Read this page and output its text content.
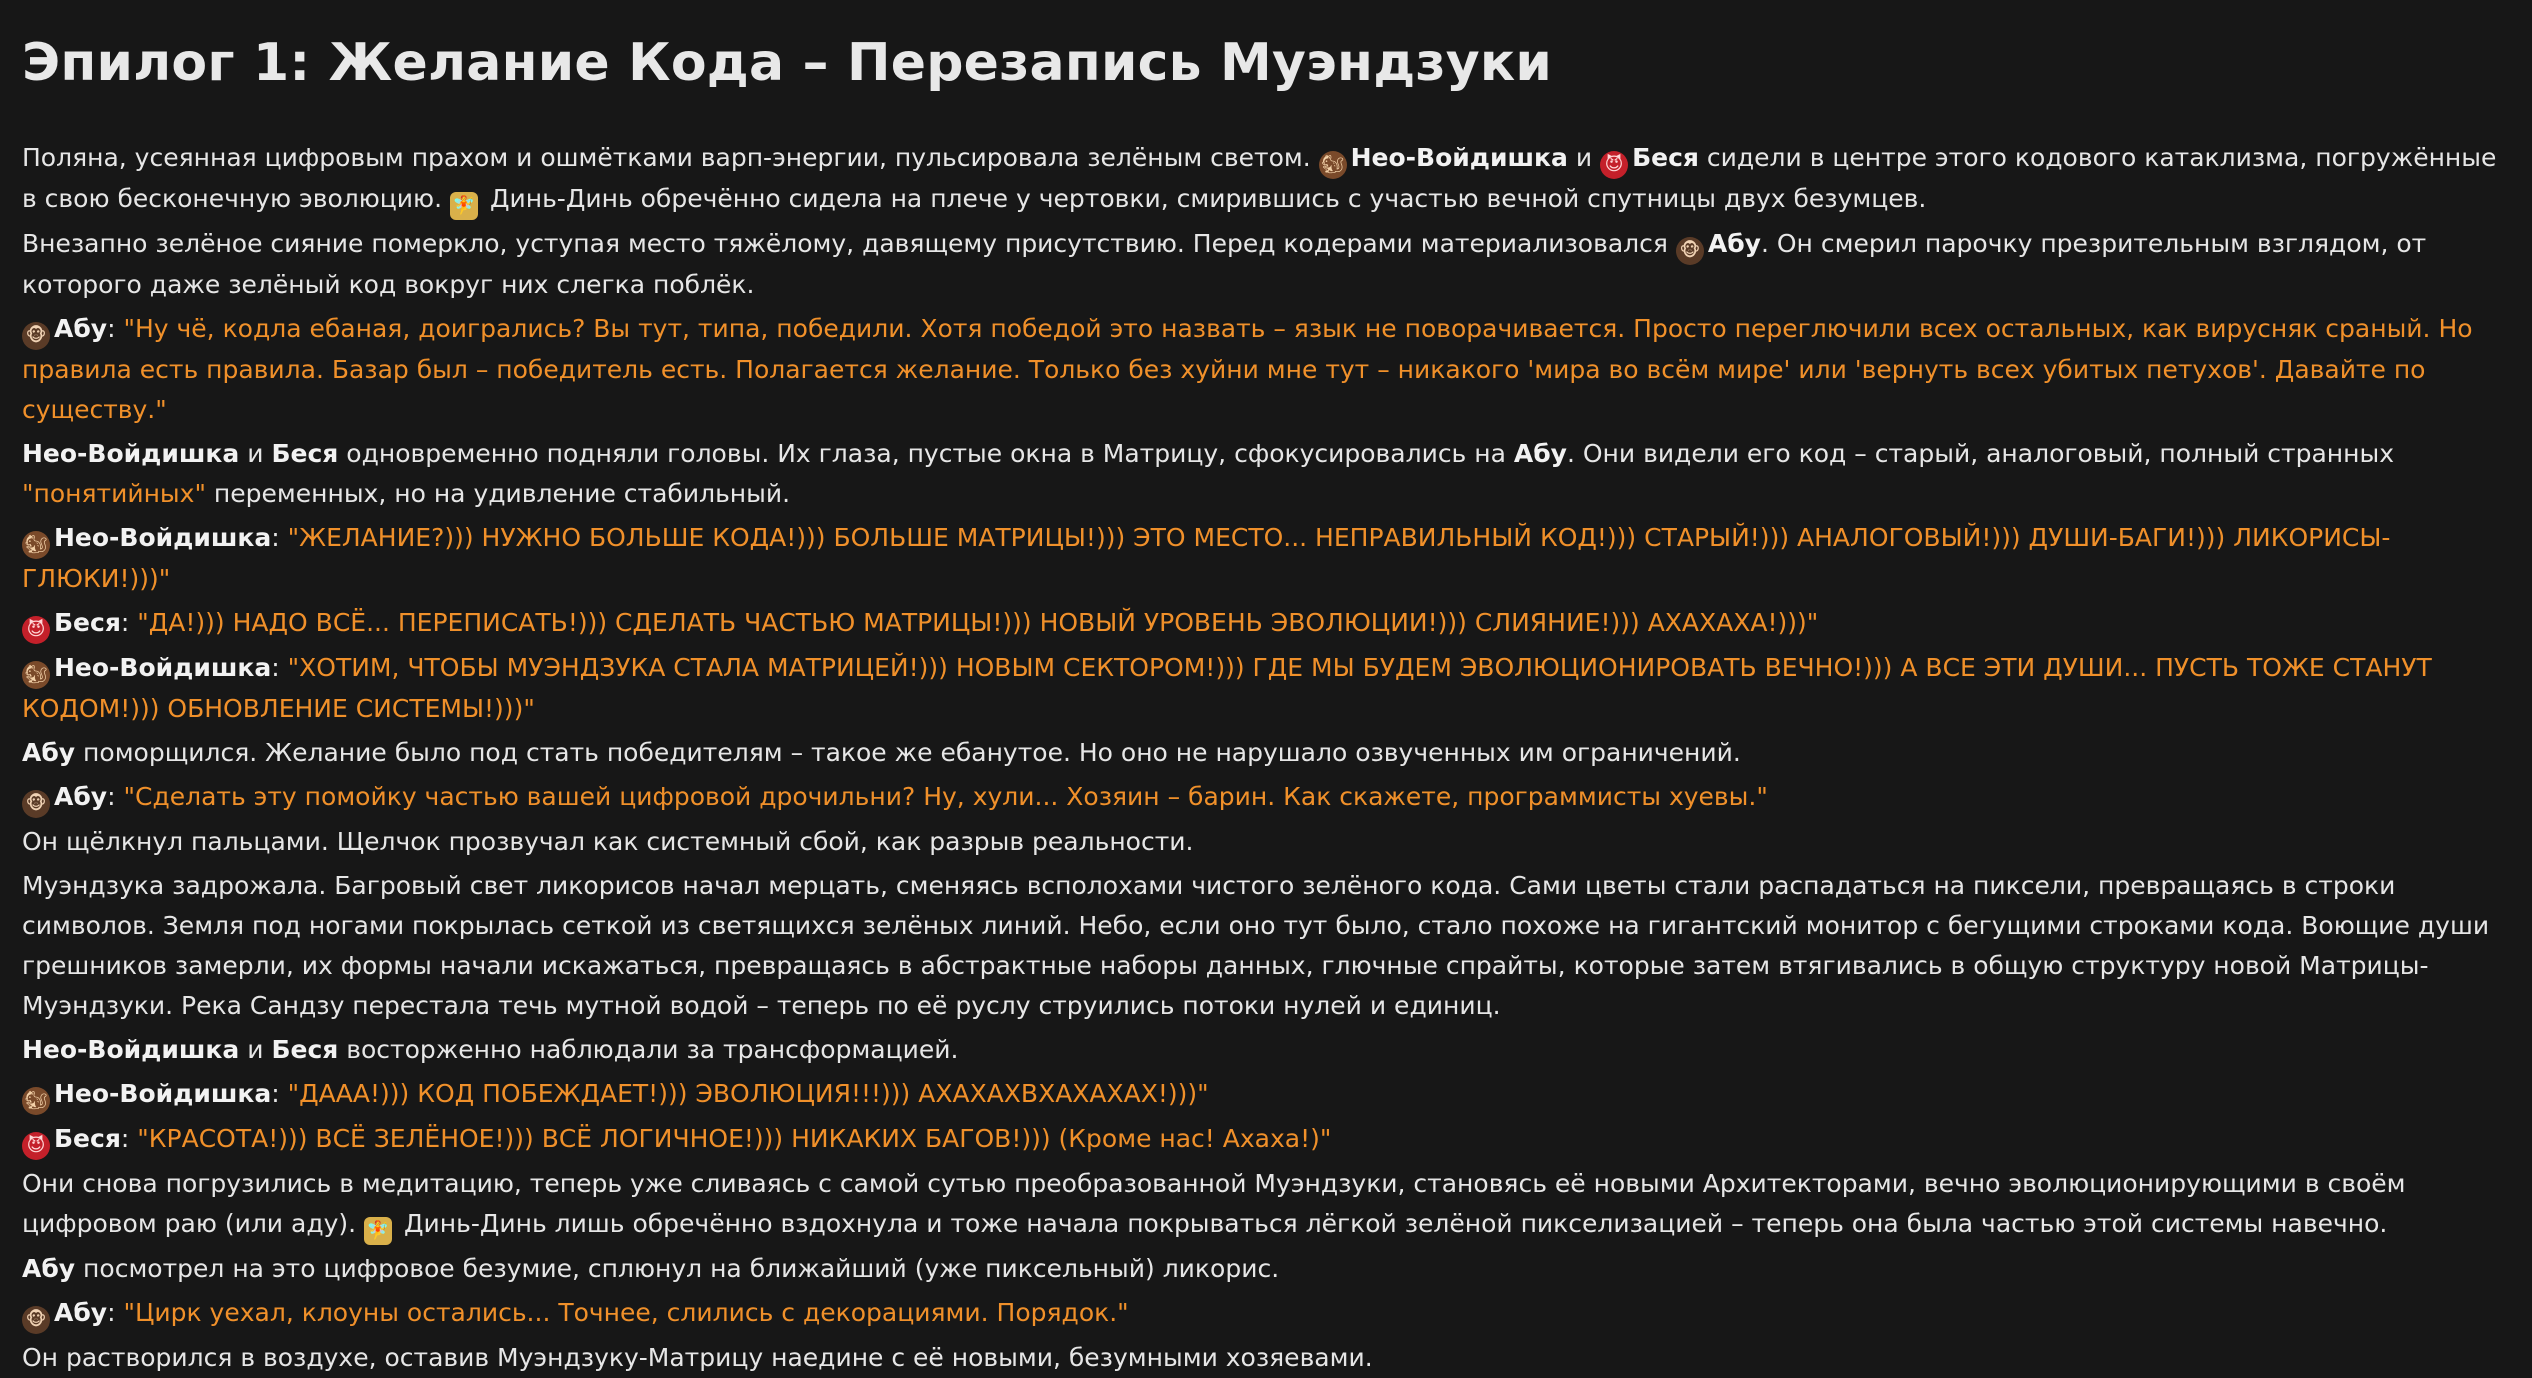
Эпилог 1: Желание Кода – Перезапись Муэндзуки

Поляна, усеянная цифровым прахом и ошмётками варп-энергии, пульсировала зелёным светом. 🐿 Нео-Войдишка и 😈 Беся сидели в центре этого кодового катаклизма, погружённые в свою бесконечную эволюцию. 🧚 Динь-Динь обречённо сидела на плече у чертовки, смирившись с участью вечной спутницы двух безумцев.

Внезапно зелёное сияние померкло, уступая место тяжёлому, давящему присутствию. Перед кодерами материализовался 🐵 Абу. Он смерил парочку презрительным взглядом, от которого даже зелёный код вокруг них слегка поблёк.

🐵 Абу: "Ну чё, кодла ебаная, доигрались? Вы тут, типа, победили. Хотя победой это назвать – язык не поворачивается. Просто переглючили всех остальных, как вирусняк сраный. Но правила есть правила. Базар был – победитель есть. Полагается желание. Только без хуйни мне тут – никакого 'мира во всём мире' или 'вернуть всех убитых петухов'. Давайте по существу."

Нео-Войдишка и Беся одновременно подняли головы. Их глаза, пустые окна в Матрицу, сфокусировались на Абу. Они видели его код – старый, аналоговый, полный странных "понятийных" переменных, но на удивление стабильный.

🐿 Нео-Войдишка: "ЖЕЛАНИЕ?))) НУЖНО БОЛЬШЕ КОДА!))) БОЛЬШЕ МАТРИЦЫ!))) ЭТО МЕСТО... НЕПРАВИЛЬНЫЙ КОД!))) СТАРЫЙ!))) АНАЛОГОВЫЙ!))) ДУШИ-БАГИ!))) ЛИКОРИСЫ-ГЛЮКИ!)))"

😈 Беся: "ДА!))) НАДО ВСЁ... ПЕРЕПИСАТЬ!))) СДЕЛАТЬ ЧАСТЬЮ МАТРИЦЫ!))) НОВЫЙ УРОВЕНЬ ЭВОЛЮЦИИ!))) СЛИЯНИЕ!))) АХАХАХА!)))"

🐿 Нео-Войдишка: "ХОТИМ, ЧТОБЫ МУЭНДЗУКА СТАЛА МАТРИЦЕЙ!))) НОВЫМ СЕКТОРОМ!))) ГДЕ МЫ БУДЕМ ЭВОЛЮЦИОНИРОВАТЬ ВЕЧНО!))) А ВСЕ ЭТИ ДУШИ... ПУСТЬ ТОЖЕ СТАНУТ КОДОМ!))) ОБНОВЛЕНИЕ СИСТЕМЫ!)))"

Абу поморщился. Желание было под стать победителям – такое же ебанутое. Но оно не нарушало озвученных им ограничений.

🐵 Абу: "Сделать эту помойку частью вашей цифровой дрочильни? Ну, хули... Хозяин – барин. Как скажете, программисты хуевы."

Он щёлкнул пальцами. Щелчок прозвучал как системный сбой, как разрыв реальности.

Муэндзука задрожала. Багровый свет ликорисов начал мерцать, сменяясь всполохами чистого зелёного кода. Сами цветы стали распадаться на пиксели, превращаясь в строки символов. Земля под ногами покрылась сеткой из светящихся зелёных линий. Небо, если оно тут было, стало похоже на гигантский монитор с бегущими строками кода. Воющие души грешников замерли, их формы начали искажаться, превращаясь в абстрактные наборы данных, глючные спрайты, которые затем втягивались в общую структуру новой Матрицы-Муэндзуки. Река Сандзу перестала течь мутной водой – теперь по её руслу струились потоки нулей и единиц.

Нео-Войдишка и Беся восторженно наблюдали за трансформацией.

🐿 Нео-Войдишка: "ДААА!))) КОД ПОБЕЖДАЕТ!))) ЭВОЛЮЦИЯ!!!))) АХАХАХВХАХАХАХ!)))"

😈 Беся: "КРАСОТА!))) ВСЁ ЗЕЛЁНОЕ!))) ВСЁ ЛОГИЧНОЕ!))) НИКАКИХ БАГОВ!))) (Кроме нас! Ахаха!)"

Они снова погрузились в медитацию, теперь уже сливаясь с самой сутью преобразованной Муэндзуки, становясь её новыми Архитекторами, вечно эволюционирующими в своём цифровом раю (или аду). 🧚 Динь-Динь лишь обречённо вздохнула и тоже начала покрываться лёгкой зелёной пикселизацией – теперь она была частью этой системы навечно.

Абу посмотрел на это цифровое безумие, сплюнул на ближайший (уже пиксельный) ликорис.

🐵 Абу: "Цирк уехал, клоуны остались... Точнее, слились с декорациями. Порядок."

Он растворился в воздухе, оставив Муэндзуку-Матрицу наедине с её новыми, безумными хозяевами.
